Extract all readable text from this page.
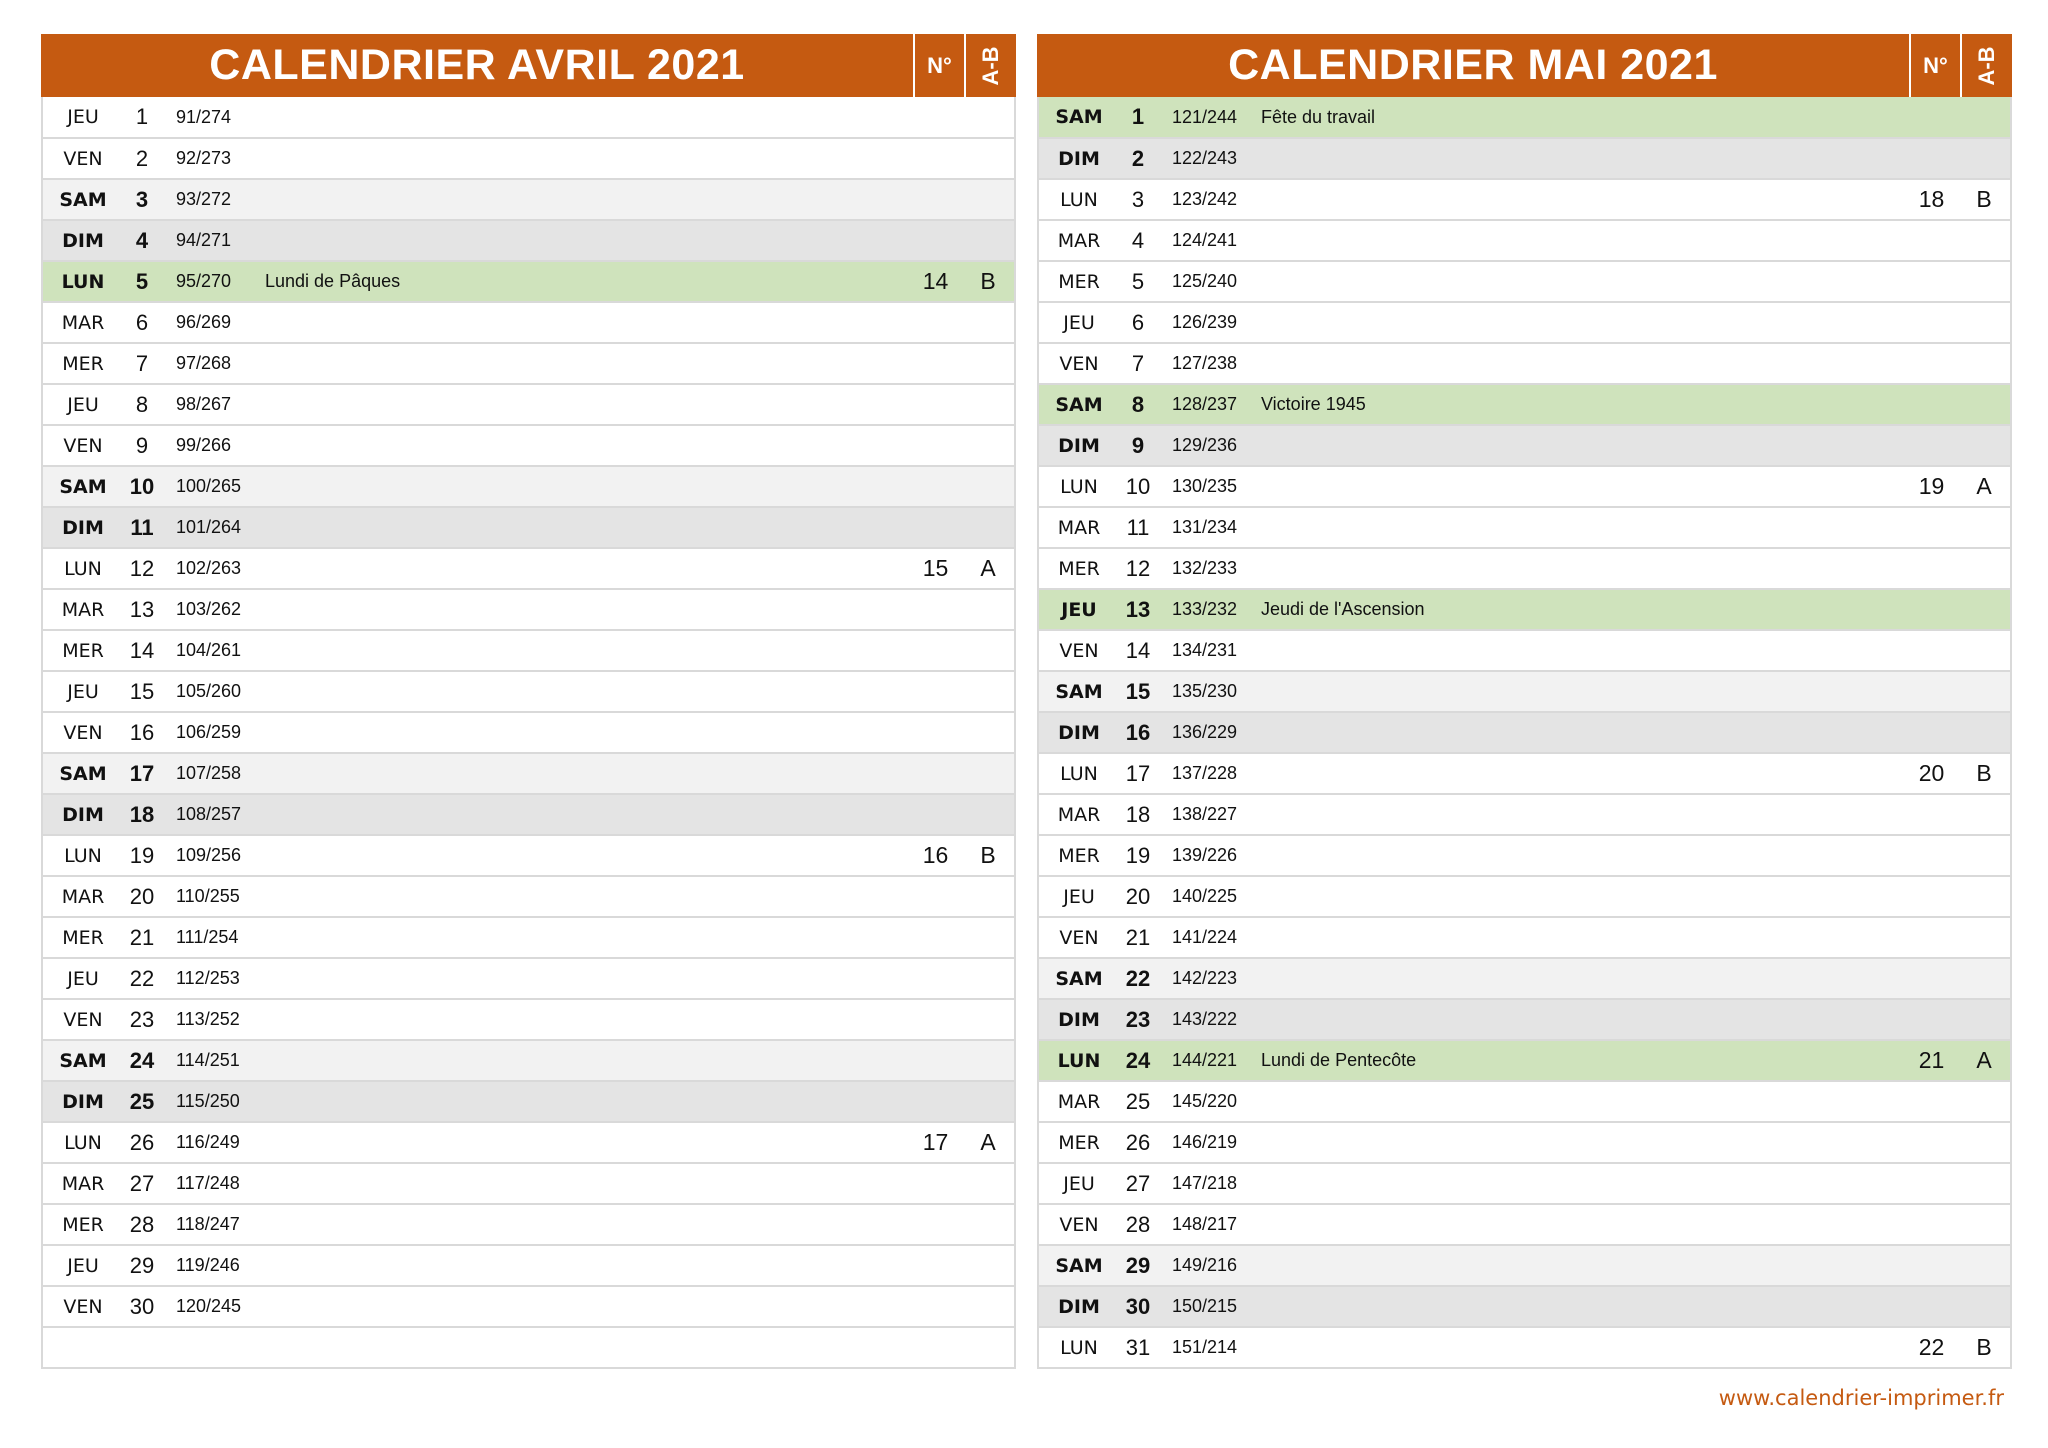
CALENDRIER AVRIL 2021	N°	A-B
JEU	1	91/274
VEN	2	92/273
SAM	3	93/272
DIM	4	94/271
LUN	5	95/270	Lundi de Pâques	14	B
MAR	6	96/269
MER	7	97/268
JEU	8	98/267
VEN	9	99/266
SAM	10	100/265
DIM	11	101/264
LUN	12	102/263	15	A
MAR	13	103/262
MER	14	104/261
JEU	15	105/260
VEN	16	106/259
SAM	17	107/258
DIM	18	108/257
LUN	19	109/256	16	B
MAR	20	110/255
MER	21	111/254
JEU	22	112/253
VEN	23	113/252
SAM	24	114/251
DIM	25	115/250
LUN	26	116/249	17	A
MAR	27	117/248
MER	28	118/247
JEU	29	119/246
VEN	30	120/245
CALENDRIER MAI 2021	N°	A-B
SAM	1	121/244	Fête du travail
DIM	2	122/243
LUN	3	123/242	18	B
MAR	4	124/241
MER	5	125/240
JEU	6	126/239
VEN	7	127/238
SAM	8	128/237	Victoire 1945
DIM	9	129/236
LUN	10	130/235	19	A
MAR	11	131/234
MER	12	132/233
JEU	13	133/232	Jeudi de l'Ascension
VEN	14	134/231
SAM	15	135/230
DIM	16	136/229
LUN	17	137/228	20	B
MAR	18	138/227
MER	19	139/226
JEU	20	140/225
VEN	21	141/224
SAM	22	142/223
DIM	23	143/222
LUN	24	144/221	Lundi de Pentecôte	21	A
MAR	25	145/220
MER	26	146/219
JEU	27	147/218
VEN	28	148/217
SAM	29	149/216
DIM	30	150/215
LUN	31	151/214	22	B
www.calendrier-imprimer.fr
